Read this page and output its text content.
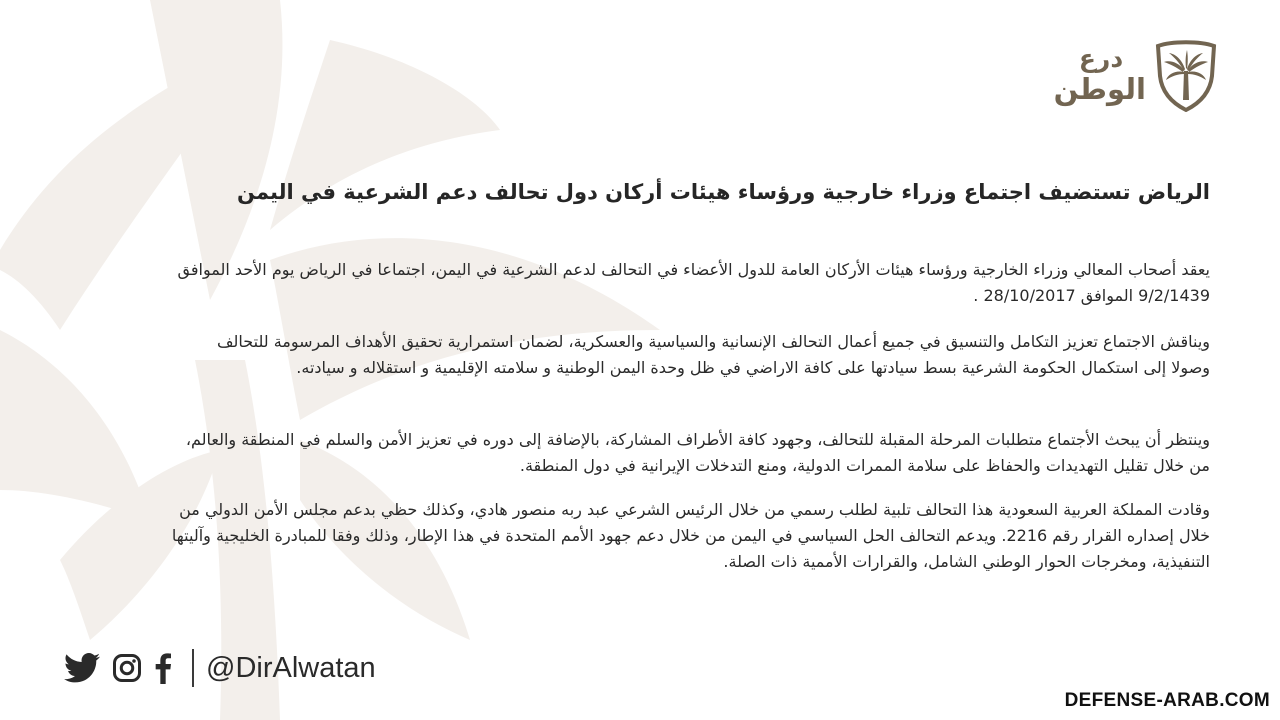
درع
الوطن
الرياض تستضيف اجتماع وزراء خارجية ورؤساء هيئات أركان دول تحالف دعم الشرعية في اليمن
يعقد أصحاب المعالي وزراء الخارجية ورؤساء هيئات الأركان العامة للدول الأعضاء في التحالف لدعم الشرعية في اليمن، اجتماعا في الرياض يوم الأحد الموافق
9/2/1439 الموافق 28/10/2017 .
ويناقش الاجتماع تعزيز التكامل والتنسيق في جميع أعمال التحالف الإنسانية والسياسية والعسكرية، لضمان استمرارية تحقيق الأهداف المرسومة للتحالف
وصولا إلى استكمال الحكومة الشرعية بسط سيادتها على كافة الاراضي في ظل وحدة اليمن الوطنية و سلامته الإقليمية و استقلاله و سيادته.
وينتظر أن يبحث الأجتماع متطلبات المرحلة المقبلة للتحالف، وجهود كافة الأطراف المشاركة، بالإضافة إلى دوره في تعزيز الأمن والسلم في المنطقة والعالم،
من خلال تقليل التهديدات والحفاظ على سلامة الممرات الدولية، ومنع التدخلات الإيرانية في دول المنطقة.
وقادت المملكة العربية السعودية هذا التحالف تلبية لطلب رسمي من خلال الرئيس الشرعي عبد ربه منصور هادي، وكذلك حظي بدعم مجلس الأمن الدولي من
خلال إصداره القرار رقم 2216. ويدعم التحالف الحل السياسي في اليمن من خلال دعم جهود الأمم المتحدة في هذا الإطار، وذلك وفقا للمبادرة الخليجية وآليتها
التنفيذية، ومخرجات الحوار الوطني الشامل، والقرارات الأممية ذات الصلة.
@DirAlwatan
DEFENSE-ARAB.COM
